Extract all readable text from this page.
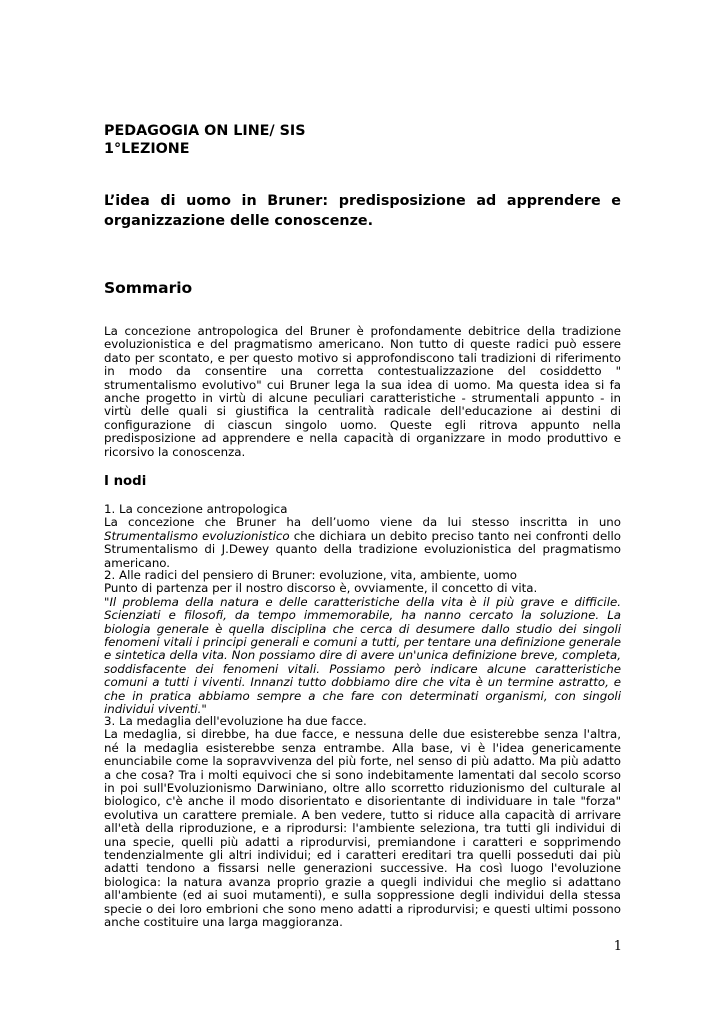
PEDAGOGIA ON LINE/ SIS
1°LEZIONE
L’idea di uomo in Bruner: predisposizione ad apprendere e organizzazione delle conoscenze.
Sommario

La concezione antropologica del Bruner è profondamente debitrice della tradizione evoluzionistica e del pragmatismo americano. Non tutto di queste radici può essere dato per scontato, e per questo motivo si approfondiscono tali tradizioni di riferimento in modo da consentire una corretta contestualizzazione del cosiddetto " strumentalismo evolutivo" cui Bruner lega la sua idea di uomo. Ma questa idea si fa anche progetto in virtù di alcune peculiari caratteristiche - strumentali appunto - in virtù delle quali si giustifica la centralità radicale dell'educazione ai destini di configurazione di ciascun singolo uomo. Queste egli ritrova appunto nella predisposizione ad apprendere e nella capacità di organizzare in modo produttivo e ricorsivo la conoscenza.

I nodi
1. La concezione antropologica

La concezione che Bruner ha dell’uomo viene da lui stesso inscritta in uno Strumentalismo evoluzionistico che dichiara un debito preciso tanto nei confronti dello Strumentalismo di J.Dewey quanto della tradizione evoluzionistica del pragmatismo americano.

2. Alle radici del pensiero di Bruner: evoluzione, vita, ambiente, uomo
Punto di partenza per il nostro discorso è, ovviamente, il concetto di vita.

"Il problema della natura e delle caratteristiche della vita è il più grave e difficile. Scienziati e filosofi, da tempo immemorabile, ha nanno cercato la soluzione. La biologia generale è quella disciplina che cerca di desumere dallo studio dei singoli fenomeni vitali i principi generali e comuni a tutti, per tentare una definizione generale e sintetica della vita. Non possiamo dire di avere un'unica definizione breve, completa, soddisfacente dei fenomeni vitali. Possiamo però indicare alcune caratteristiche comuni a tutti i viventi. Innanzi tutto dobbiamo dire che vita è un termine astratto, e che in pratica abbiamo sempre a che fare con determinati organismi, con singoli individui viventi."

3. La medaglia dell'evoluzione ha due facce.

La medaglia, si direbbe, ha due facce, e nessuna delle due esisterebbe senza l'altra, né la medaglia esisterebbe senza entrambe. Alla base, vi è l'idea genericamente enunciabile come la sopravvivenza del più forte, nel senso di più adatto. Ma più adatto a che cosa? Tra i molti equivoci che si sono indebitamente lamentati dal secolo scorso in poi sull'Evoluzionismo Darwiniano, oltre allo scorretto riduzionismo del culturale al biologico, c'è anche il modo disorientato e disorientante di individuare in tale "forza" evolutiva un carattere premiale. A ben vedere, tutto si riduce alla capacità di arrivare all'età della riproduzione, e a riprodursi: l'ambiente seleziona, tra tutti gli individui di una specie, quelli più adatti a riprodurvisi, premiandone i caratteri e sopprimendo tendenzialmente gli altri individui; ed i caratteri ereditari tra quelli posseduti dai più adatti tendono a fissarsi nelle generazioni successive. Ha così luogo l'evoluzione biologica: la natura avanza proprio grazie a quegli individui che meglio si adattano all'ambiente (ed ai suoi mutamenti), e sulla soppressione degli individui della stessa specie o dei loro embrioni che sono meno adatti a riprodurvisi; e questi ultimi possono anche costituire una larga maggioranza.

1
